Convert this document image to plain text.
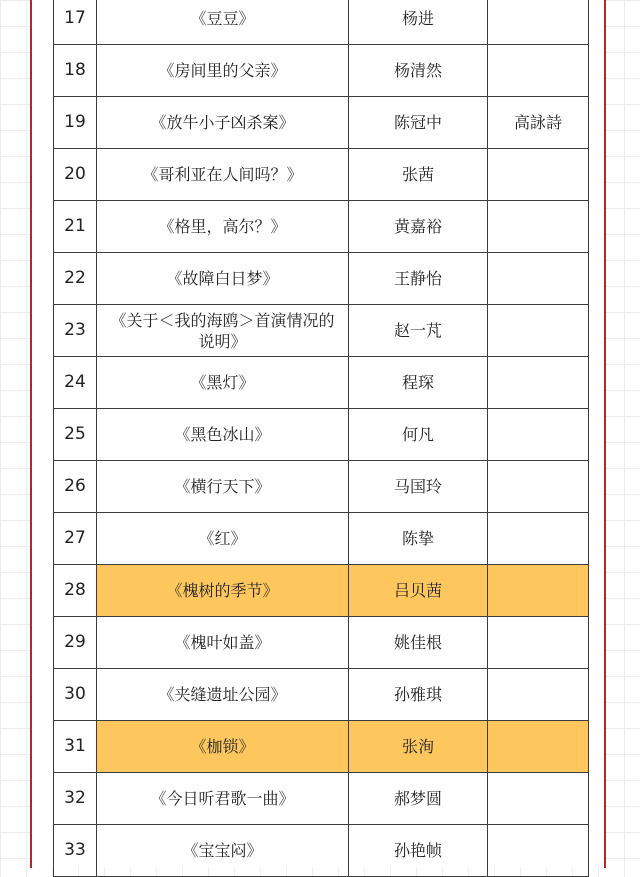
17	《豆豆》	杨进	
18	《房间里的父亲》	杨清然	
19	《放牛小子凶杀案》	陈冠中	高詠詩
20	《哥利亚在人间吗？》	张茜	
21	《格里，高尔？》	黄嘉裕	
22	《故障白日梦》	王静怡	
23	《关于＜我的海鸥＞首演情况的说明》	赵一芃	
24	《黑灯》	程琛	
25	《黑色冰山》	何凡	
26	《横行天下》	马国玲	
27	《红》	陈挚	
28	《槐树的季节》	吕贝茜	
29	《槐叶如盖》	姚佳根	
30	《夹缝遗址公园》	孙雅琪	
31	《枷锁》	张洵	
32	《今日听君歌一曲》	郝梦圆	
33	《宝宝闷》	孙艳帧	
